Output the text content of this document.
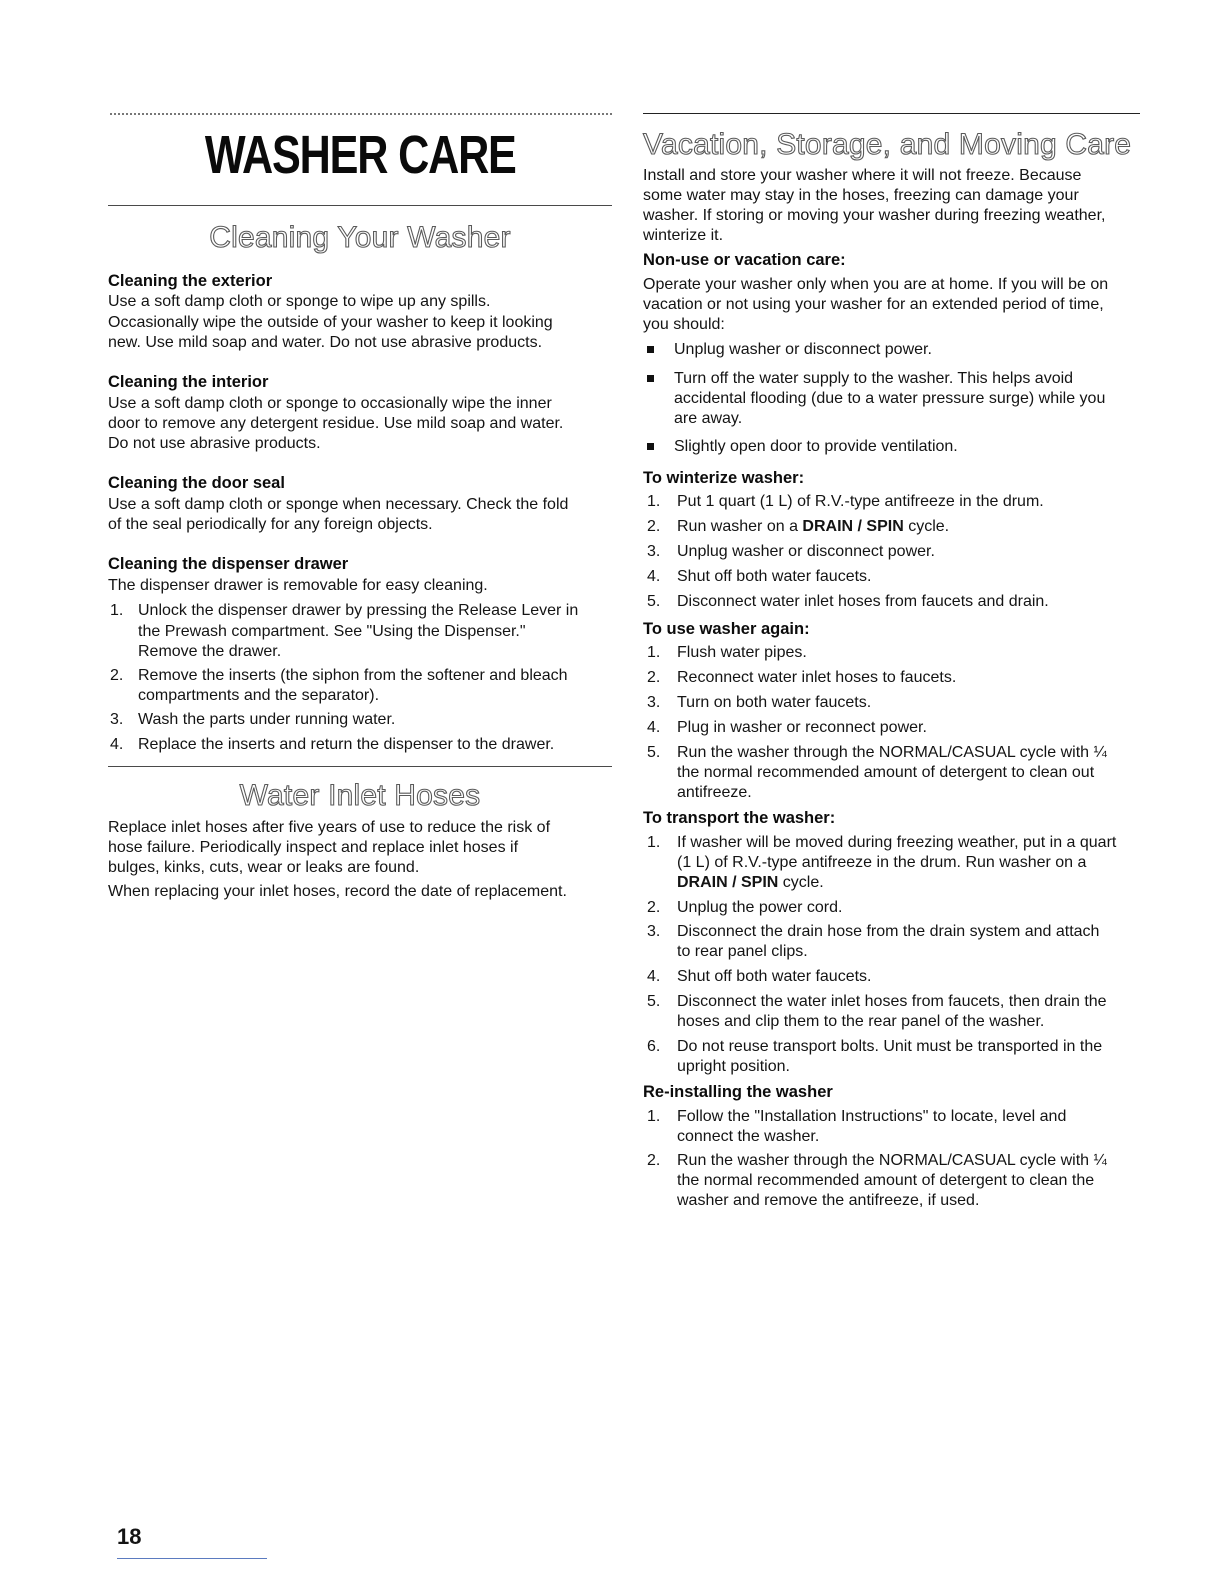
WASHER CARE
Cleaning Your Washer
Cleaning the exterior
Use a soft damp cloth or sponge to wipe up any spills.
Occasionally wipe the outside of your washer to keep it looking
new. Use mild soap and water. Do not use abrasive products.
Cleaning the interior
Use a soft damp cloth or sponge to occasionally wipe the inner
door to remove any detergent residue. Use mild soap and water.
Do not use abrasive products.
Cleaning the door seal
Use a soft damp cloth or sponge when necessary. Check the fold
of the seal periodically for any foreign objects.
Cleaning the dispenser drawer
The dispenser drawer is removable for easy cleaning.
1. Unlock the dispenser drawer by pressing the Release Lever in
the Prewash compartment. See "Using the Dispenser."
Remove the drawer.
2. Remove the inserts (the siphon from the softener and bleach
compartments and the separator).
3. Wash the parts under running water.
4. Replace the inserts and return the dispenser to the drawer.
Water Inlet Hoses
Replace inlet hoses after five years of use to reduce the risk of
hose failure. Periodically inspect and replace inlet hoses if
bulges, kinks, cuts, wear or leaks are found.
When replacing your inlet hoses, record the date of replacement.
Vacation, Storage, and Moving Care
Install and store your washer where it will not freeze. Because
some water may stay in the hoses, freezing can damage your
washer. If storing or moving your washer during freezing weather,
winterize it.
Non-use or vacation care:
Operate your washer only when you are at home. If you will be on
vacation or not using your washer for an extended period of time,
you should:
Unplug washer or disconnect power.
Turn off the water supply to the washer. This helps avoid
accidental flooding (due to a water pressure surge) while you
are away.
Slightly open door to provide ventilation.
To winterize washer:
1. Put 1 quart (1 L) of R.V.-type antifreeze in the drum.
2. Run washer on a DRAIN / SPIN cycle.
3. Unplug washer or disconnect power.
4. Shut off both water faucets.
5. Disconnect water inlet hoses from faucets and drain.
To use washer again:
1. Flush water pipes.
2. Reconnect water inlet hoses to faucets.
3. Turn on both water faucets.
4. Plug in washer or reconnect power.
5. Run the washer through the NORMAL/CASUAL cycle with ¼
the normal recommended amount of detergent to clean out
antifreeze.
To transport the washer:
1. If washer will be moved during freezing weather, put in a quart
(1 L) of R.V.-type antifreeze in the drum. Run washer on a
DRAIN / SPIN cycle.
2. Unplug the power cord.
3. Disconnect the drain hose from the drain system and attach
to rear panel clips.
4. Shut off both water faucets.
5. Disconnect the water inlet hoses from faucets, then drain the
hoses and clip them to the rear panel of the washer.
6. Do not reuse transport bolts. Unit must be transported in the
upright position.
Re-installing the washer
1. Follow the "Installation Instructions" to locate, level and
connect the washer.
2. Run the washer through the NORMAL/CASUAL cycle with ¼
the normal recommended amount of detergent to clean the
washer and remove the antifreeze, if used.
18
